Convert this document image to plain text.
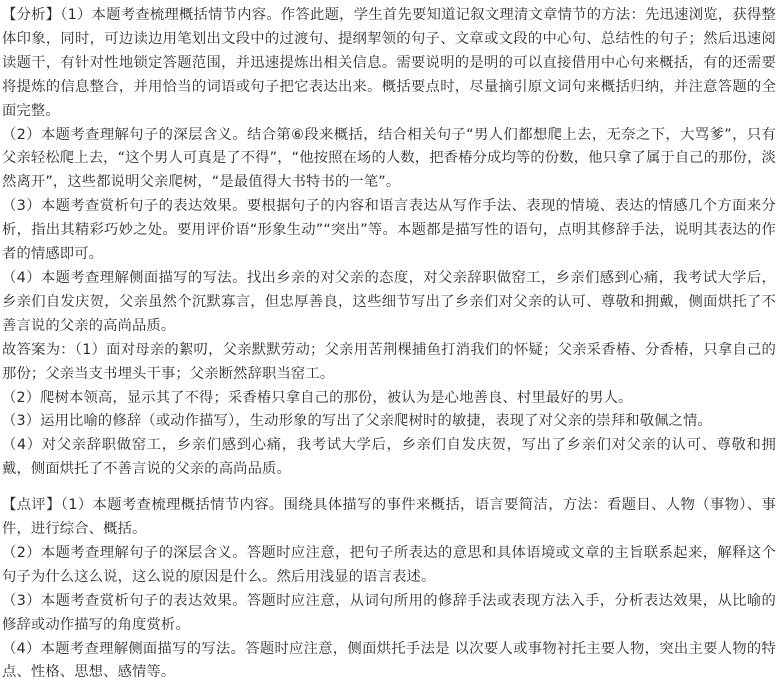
【分析】（1）本题考查梳理概括情节内容。作答此题，学生首先要知道记叙文理清文章情节的方法：先迅速浏览，获得整体印象，同时，可边读边用笔划出文段中的过渡句、提纲挈领的句子、文章或文段的中心句、总结性的句子；然后迅速阅读题干，有针对性地锁定答题范围，并迅速提炼出相关信息。需要说明的是明的可以直接借用中心句来概括，有的还需要将提炼的信息整合，并用恰当的词语或句子把它表达出来。概括要点时，尽量摘引原文词句来概括归纳，并注意答题的全面完整。

（2）本题考查理解句子的深层含义。结合第⑥段来概括，结合相关句子“男人们都想爬上去，无奈之下，大骂爹”，只有父亲轻松爬上去，“这个男人可真是了不得”，“他按照在场的人数，把香椿分成均等的份数，他只拿了属于自己的那份，淡然离开”，这些都说明父亲爬树，“是最值得大书特书的一笔”。

（3）本题考查赏析句子的表达效果。要根据句子的内容和语言表达从写作手法、表现的情境、表达的情感几个方面来分析，指出其精彩巧妙之处。要用评价语“形象生动”“突出”等。本题都是描写性的语句，点明其修辞手法，说明其表达的作者的情感即可。

（4）本题考查理解侧面描写的写法。找出乡亲的对父亲的态度，对父亲辞职做窑工，乡亲们感到心痛，我考试大学后，乡亲们自发庆贺，父亲虽然个沉默寡言，但忠厚善良，这些细节写出了乡亲们对父亲的认可、尊敬和拥戴，侧面烘托了不善言说的父亲的高尚品质。

故答案为：（1）面对母亲的絮叨，父亲默默劳动；父亲用苦荆棵捕鱼打消我们的怀疑；父亲采香椿、分香椿，只拿自己的那份；父亲当支书埋头干事；父亲断然辞职当窑工。

（2）爬树本领高，显示其了不得；采香椿只拿自己的那份，被认为是心地善良、村里最好的男人。

（3）运用比喻的修辞（或动作描写），生动形象的写出了父亲爬树时的敏捷，表现了对父亲的崇拜和敬佩之情。

（4）对父亲辞职做窑工，乡亲们感到心痛，我考试大学后，乡亲们自发庆贺，写出了乡亲们对父亲的认可、尊敬和拥戴，侧面烘托了不善言说的父亲的高尚品质。

【点评】（1）本题考查梳理概括情节内容。围绕具体描写的事件来概括，语言要简洁，方法：看题目、人物（事物）、事件，进行综合、概括。

（2）本题考查理解句子的深层含义。答题时应注意，把句子所表达的意思和具体语境或文章的主旨联系起来，解释这个句子为什么这么说，这么说的原因是什么。然后用浅显的语言表述。

（3）本题考查赏析句子的表达效果。答题时应注意，从词句所用的修辞手法或表现方法入手，分析表达效果，从比喻的修辞或动作描写的角度赏析。

（4）本题考查理解侧面描写的写法。答题时应注意，侧面烘托手法是 以次要人或事物衬托主要人物，突出主要人物的特点、性格、思想、感情等。
